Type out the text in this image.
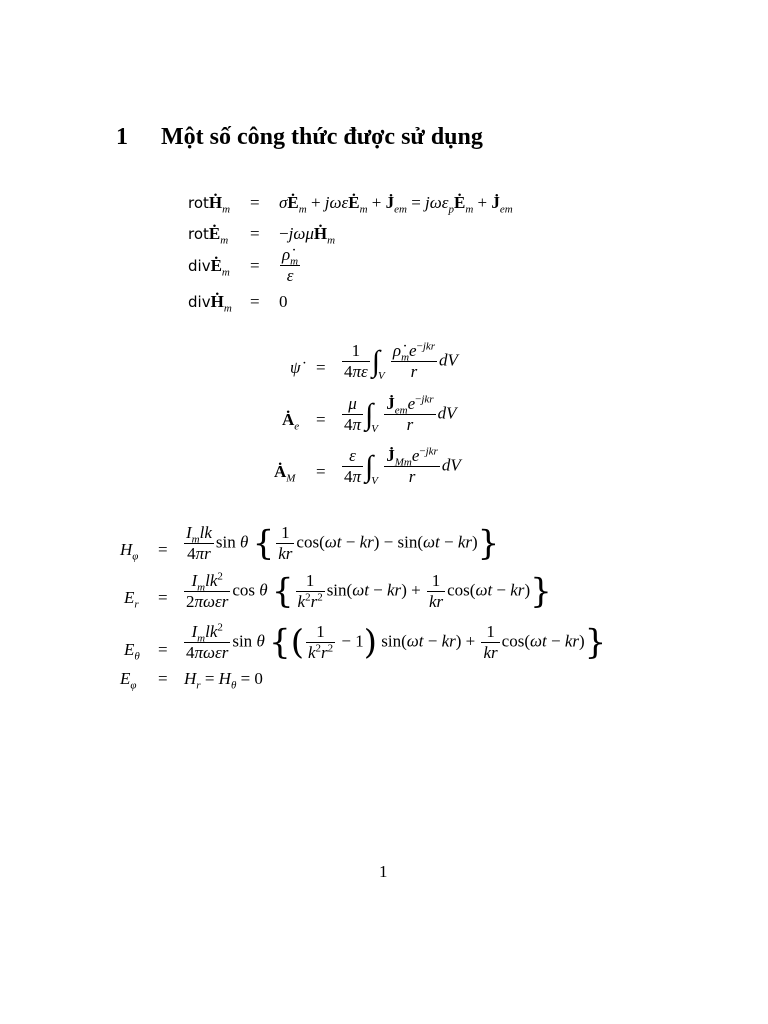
1 Một số công thức được sử dụng
rotḢ$_m$ = $\sigma Ė_m$ + jωεĖ$_m$ + $J̇_{em}$ = $j\omega\varepsilon_pĖ_m$ + $J̇_{em}$
rotĖ$_m$ = −jωμḢ$_m$
divĖ$_m$ = $\frac{\rhȯ_m}{\varepsilon}$
divḢ$_m$ = 0
ψ̇ = $\frac{1}{4\pi\varepsilon} \int_V \frac{\rhȯ_me^{-jkr}}{r}$ dV
$Ȧ_e = \frac{\mu}{4\pi} \int_V \frac{J̇_{em}e^{-jkr}}{r}$ dV
$Ȧ_M = \frac{\varepsilon}{4\pi} \int_V \frac{J̇_{Mm}e^{-jkr}}{r}$ dV
$H_\varphi = \frac{I_mlk}{4\pi r}$ sin θ { $\frac{1}{kr} \cos(\omega t - kr) - \sin(\omega t - kr)$}
$E_r = \frac{I_mlk^2}{\text{2πωεr}}$ cos θ { $\frac{1}{k^2r^2} \sin(\omega t - kr) + \frac{1}{kr} \cos(\omega t - kr)$}
$E_\theta = \frac{I_mlk^2}{\text{4πωεr}}$ sin θ {( $\frac{1}{k^2r^2} - 1$) $\sin(\omega t - kr) + \frac{1}{kr} \cos(\omega t - kr)$}
$E_\varphi = H_r = H_\theta = 0$
1
